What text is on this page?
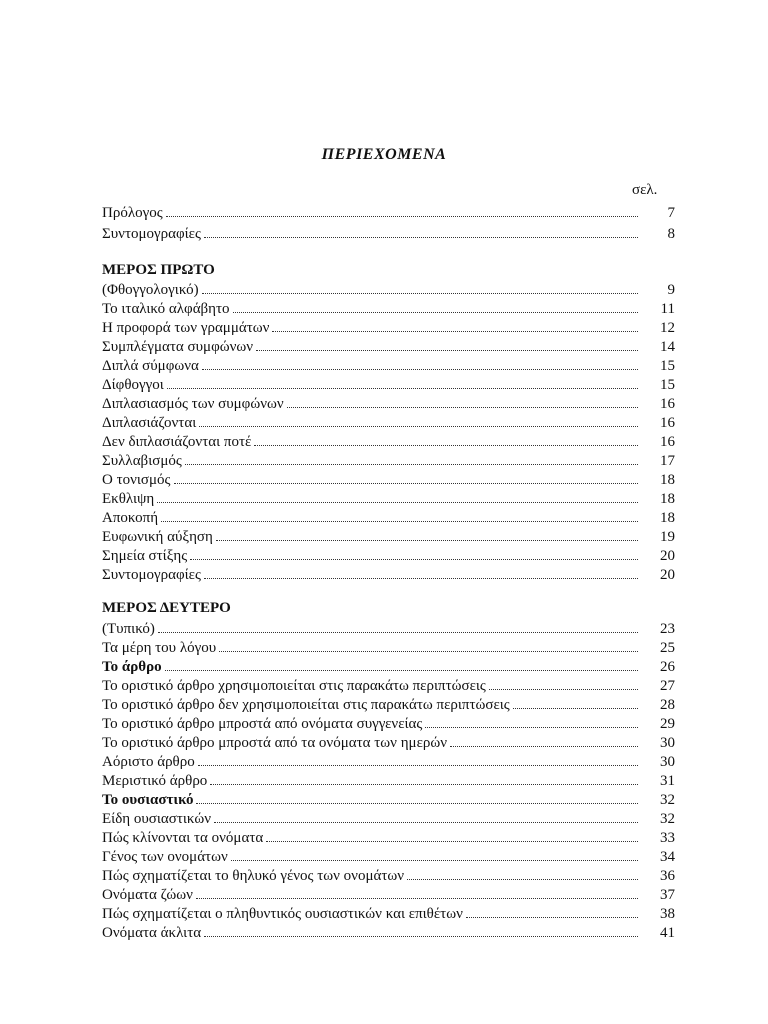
ΠΕΡΙΕΧΟΜΕΝΑ
σελ.
Πρόλογος	7
Συντομογραφίες	8
ΜΕΡΟΣ ΠΡΩΤΟ
(Φθογγολογικό)	9
Το ιταλικό αλφάβητο	11
Η προφορά των γραμμάτων	12
Συμπλέγματα συμφώνων	14
Διπλά σύμφωνα	15
Δίφθογγοι	15
Διπλασιασμός των συμφώνων	16
Διπλασιάζονται	16
Δεν διπλασιάζονται ποτέ	16
Συλλαβισμός	17
Ο τονισμός	18
Εκθλιψη	18
Αποκοπή	18
Ευφωνική αύξηση	19
Σημεία στίξης	20
Συντομογραφίες	20
ΜΕΡΟΣ ΔΕΥΤΕΡΟ
(Τυπικό)	23
Τα μέρη του λόγου	25
Το άρθρο	26
Το οριστικό άρθρο χρησιμοποιείται στις παρακάτω περιπτώσεις	27
Το οριστικό άρθρο δεν χρησιμοποιείται στις παρακάτω περιπτώσεις	28
Το οριστικό άρθρο μπροστά από ονόματα συγγενείας	29
Το οριστικό άρθρο μπροστά από τα ονόματα των ημερών	30
Αόριστο άρθρο	30
Μεριστικό άρθρο	31
Το ουσιαστικό	32
Είδη ουσιαστικών	32
Πώς κλίνονται τα ονόματα	33
Γένος των ονομάτων	34
Πώς σχηματίζεται το θηλυκό γένος των ονομάτων	36
Ονόματα ζώων	37
Πώς σχηματίζεται ο πληθυντικός ουσιαστικών και επιθέτων	38
Ονόματα άκλιτα	41
